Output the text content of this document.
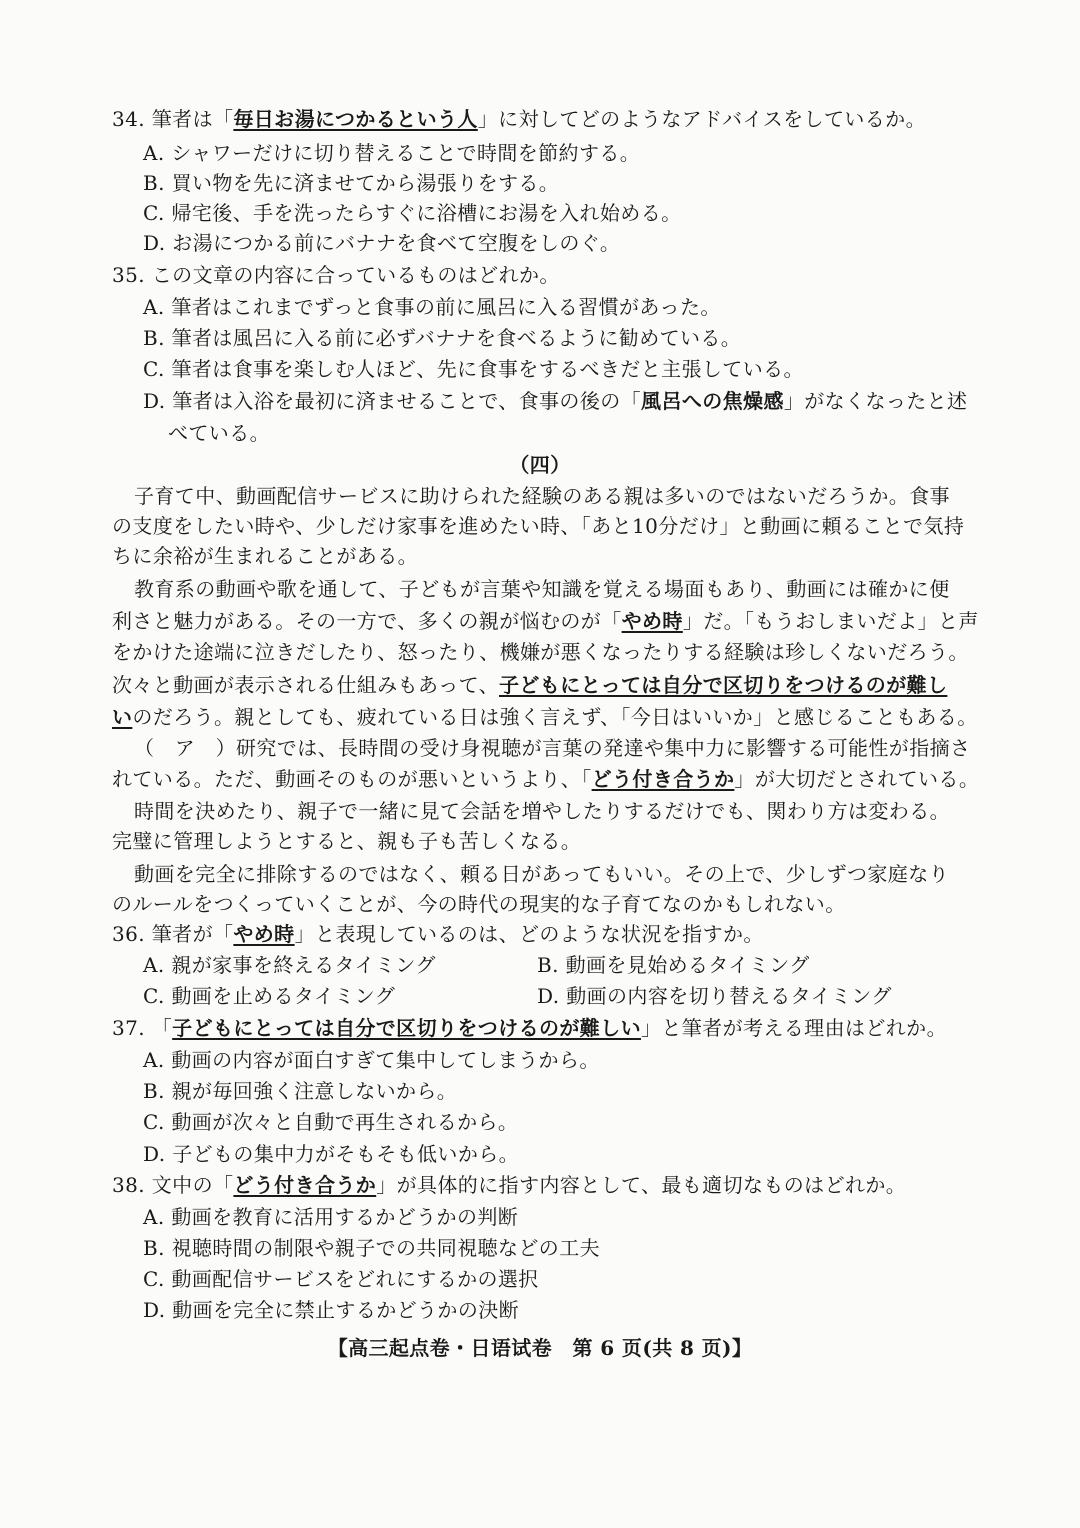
34. 筆者は「毎日お湯につかるという人」に対してどのようなアドバイスをしているか。
A. シャワーだけに切り替えることで時間を節約する。
B. 買い物を先に済ませてから湯張りをする。
C. 帰宅後、手を洗ったらすぐに浴槽にお湯を入れ始める。
D. お湯につかる前にバナナを食べて空腹をしのぐ。
35. この文章の内容に合っているものはどれか。
A. 筆者はこれまでずっと食事の前に風呂に入る習慣があった。
B. 筆者は風呂に入る前に必ずバナナを食べるように勧めている。
C. 筆者は食事を楽しむ人ほど、先に食事をするべきだと主張している。
D. 筆者は入浴を最初に済ませることで、食事の後の「風呂への焦燥感」がなくなったと述
べている。
（四）
子育て中、動画配信サービスに助けられた経験のある親は多いのではないだろうか。食事
の支度をしたい時や、少しだけ家事を進めたい時、「あと10分だけ」と動画に頼ることで気持
ちに余裕が生まれることがある。
教育系の動画や歌を通して、子どもが言葉や知識を覚える場面もあり、動画には確かに便
利さと魅力がある。その一方で、多くの親が悩むのが「やめ時」だ。「もうおしまいだよ」と声
をかけた途端に泣きだしたり、怒ったり、機嫌が悪くなったりする経験は珍しくないだろう。
次々と動画が表示される仕組みもあって、子どもにとっては自分で区切りをつけるのが難し
いのだろう。親としても、疲れている日は強く言えず、「今日はいいか」と感じることもある。
（　ア　）研究では、長時間の受け身視聴が言葉の発達や集中力に影響する可能性が指摘さ
れている。ただ、動画そのものが悪いというより、「どう付き合うか」が大切だとされている。
時間を決めたり、親子で一緒に見て会話を増やしたりするだけでも、関わり方は変わる。
完璧に管理しようとすると、親も子も苦しくなる。
動画を完全に排除するのではなく、頼る日があってもいい。その上で、少しずつ家庭なり
のルールをつくっていくことが、今の時代の現実的な子育てなのかもしれない。
36. 筆者が「やめ時」と表現しているのは、どのような状況を指すか。
A. 親が家事を終えるタイミング	B. 動画を見始めるタイミング
C. 動画を止めるタイミング	D. 動画の内容を切り替えるタイミング
37. 「子どもにとっては自分で区切りをつけるのが難しい」と筆者が考える理由はどれか。
A. 動画の内容が面白すぎて集中してしまうから。
B. 親が毎回強く注意しないから。
C. 動画が次々と自動で再生されるから。
D. 子どもの集中力がそもそも低いから。
38. 文中の「どう付き合うか」が具体的に指す内容として、最も適切なものはどれか。
A. 動画を教育に活用するかどうかの判断
B. 視聴時間の制限や親子での共同視聴などの工夫
C. 動画配信サービスをどれにするかの選択
D. 動画を完全に禁止するかどうかの決断
【高三起点卷・日语试卷　第 6 页(共 8 页)】
